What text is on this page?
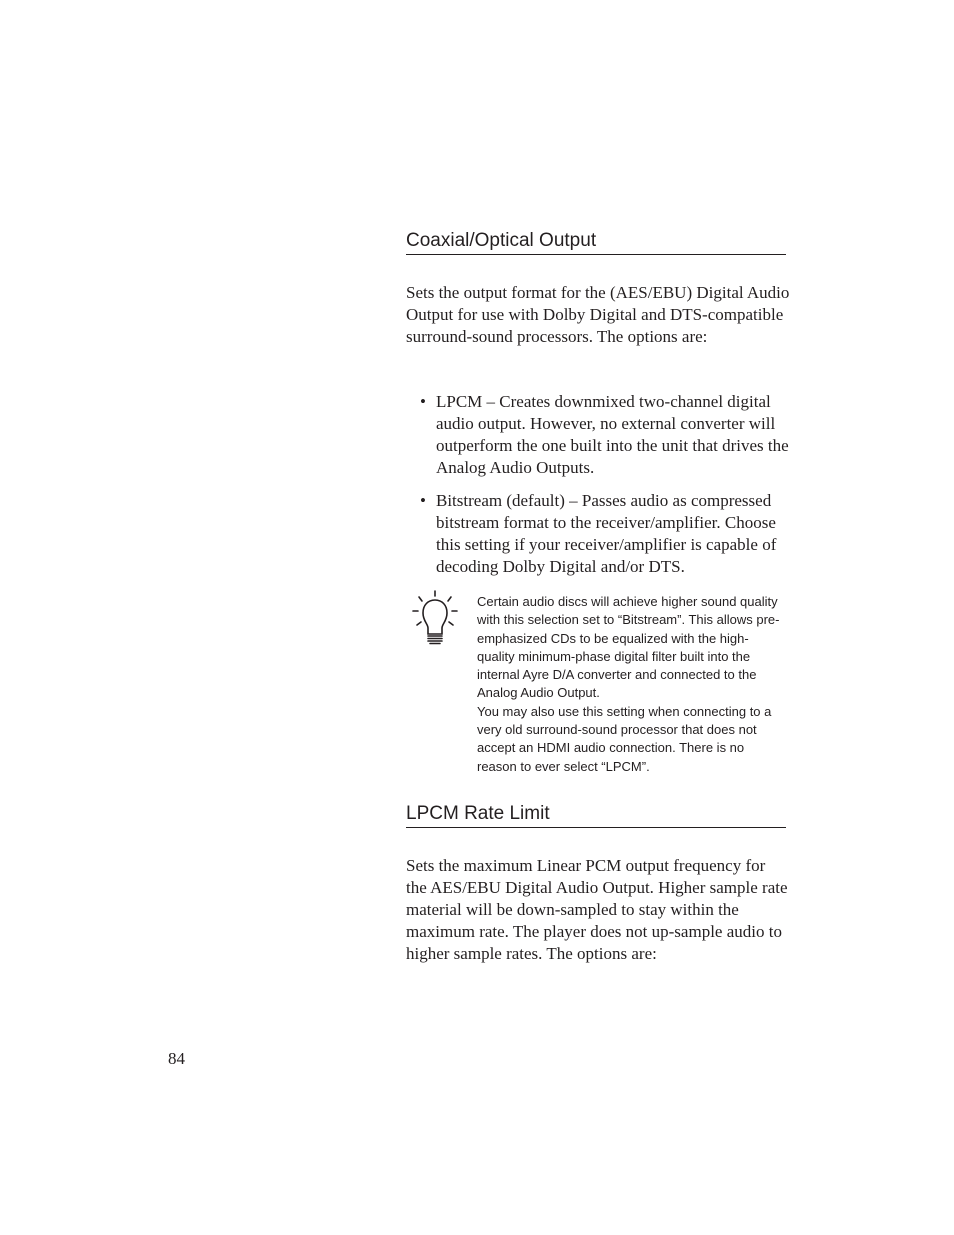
Coaxial/Optical Output

Sets the output format for the (AES/EBU) Digital Audio Output for use with Dolby Digital and DTS-compatible surround-sound processors. The options are:

• LPCM – Creates downmixed two-channel digital audio output. However, no external converter will outperform the one built into the unit that drives the Analog Audio Outputs.
• Bitstream (default) – Passes audio as compressed bitstream format to the receiver/amplifier. Choose this setting if your receiver/amplifier is capable of decoding Dolby Digital and/or DTS.

Certain audio discs will achieve higher sound quality with this selection set to “Bitstream”. This allows pre-emphasized CDs to be equalized with the high-quality minimum-phase digital filter built into the internal Ayre D/A converter and connected to the Analog Audio Output.

You may also use this setting when connecting to a very old surround-sound processor that does not accept an HDMI audio connection. There is no reason to ever select “LPCM”.

LPCM Rate Limit

Sets the maximum Linear PCM output frequency for the AES/EBU Digital Audio Output. Higher sample rate material will be down-sampled to stay within the maximum rate. The player does not up-sample audio to higher sample rates. The options are:

84
